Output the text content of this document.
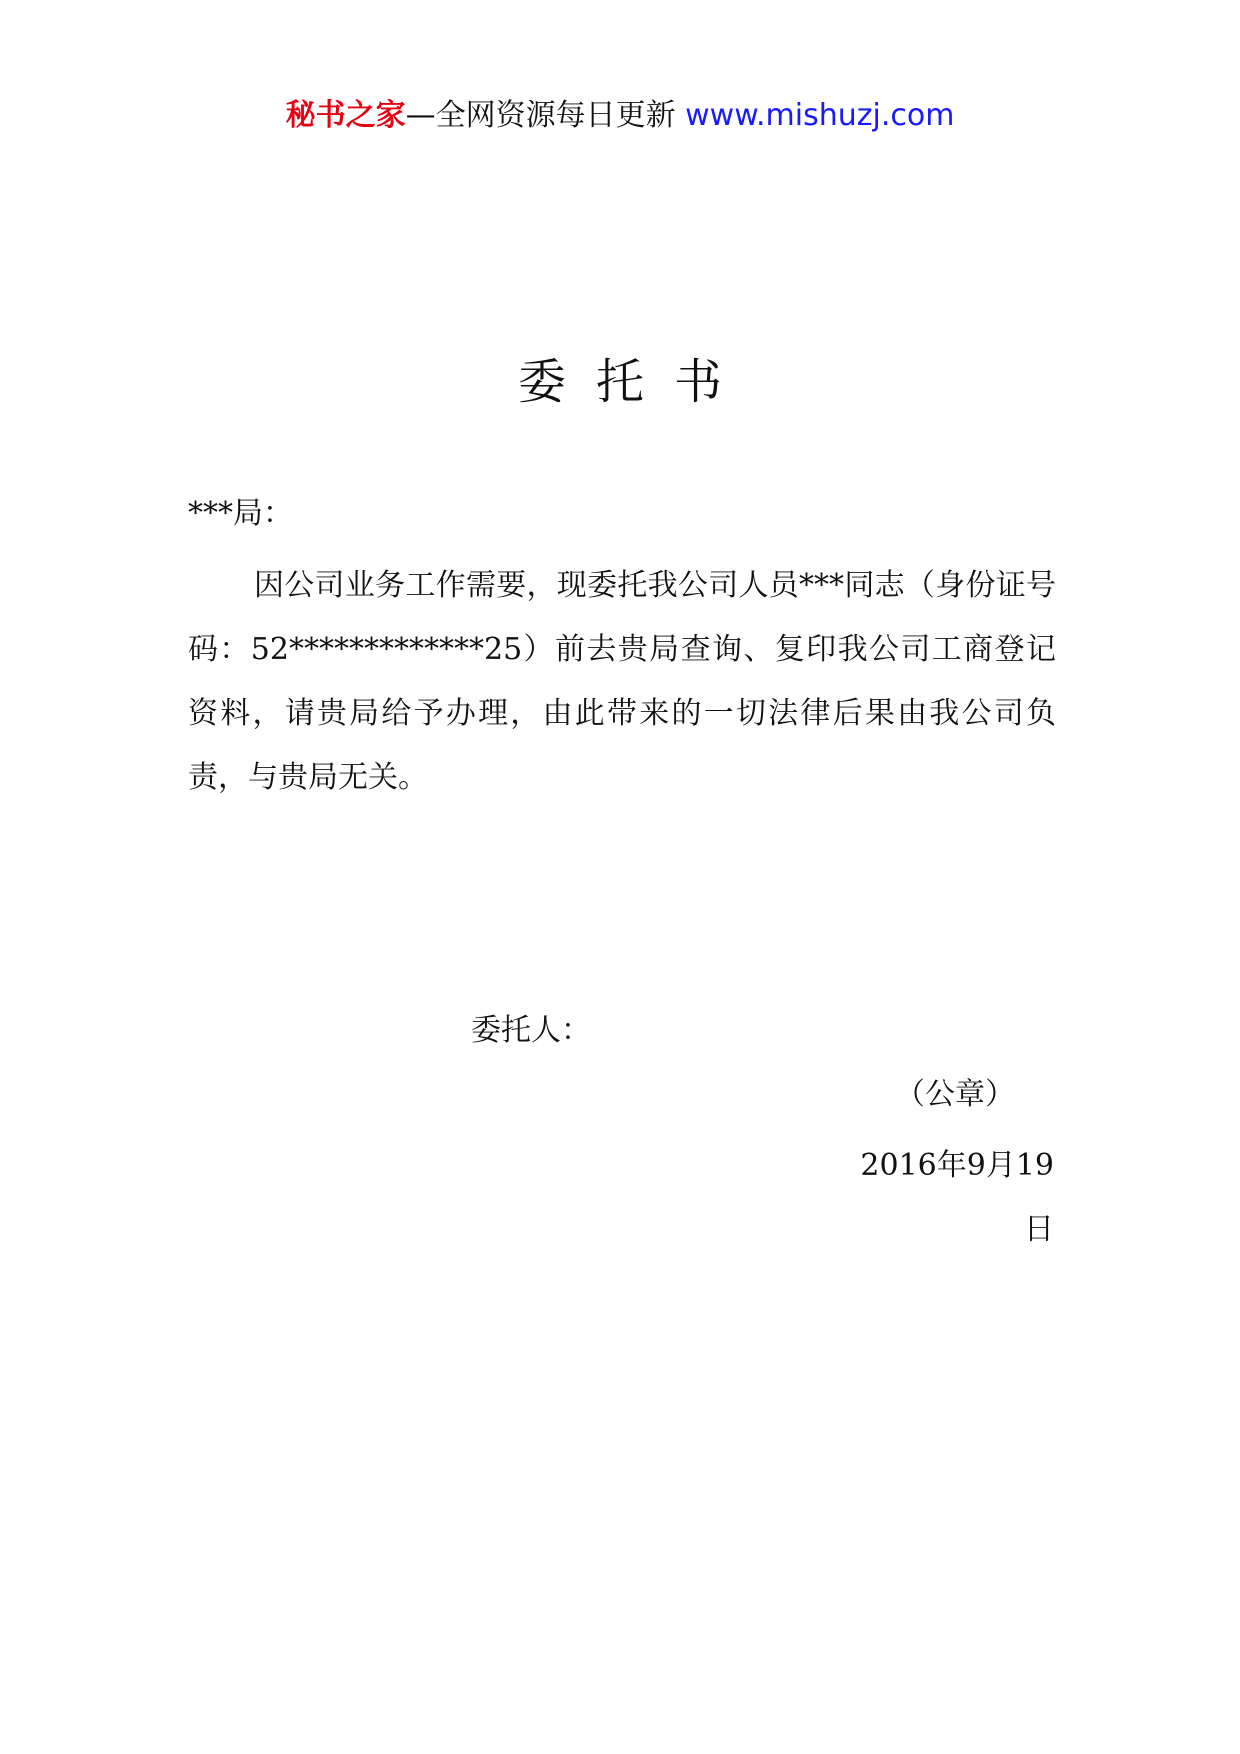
秘书之家—全网资源每日更新 www.mishuzj.com
委托书
***局：
因公司业务工作需要，现委托我公司人员***同志（身份证号码：52*************25）前去贵局查询、复印我公司工商登记资料，请贵局给予办理，由此带来的一切法律后果由我公司负责，与贵局无关。
委托人：
（公章）
2016年9月19日
